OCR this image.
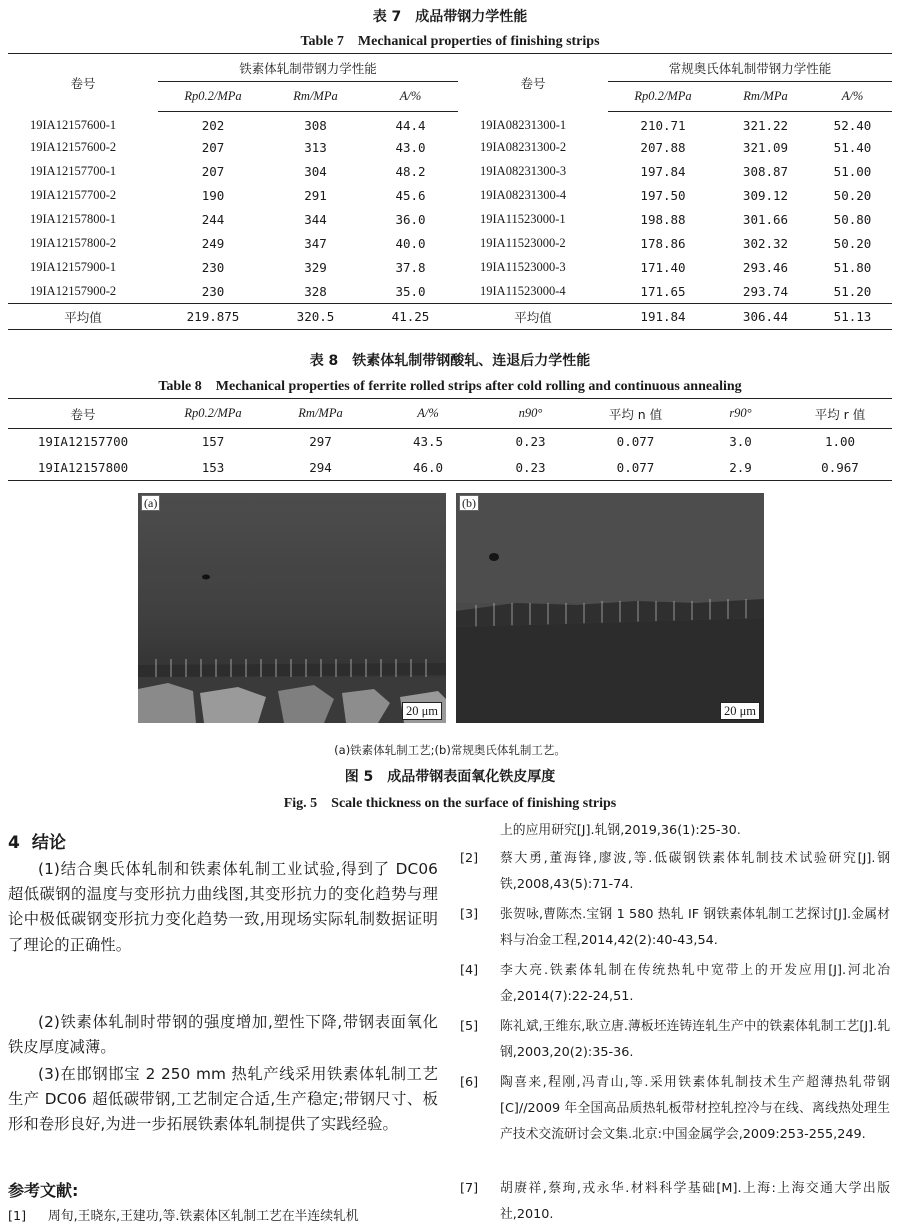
表 7　成品带钢力学性能
Table 7　Mechanical properties of finishing strips
卷号	铁素体轧制带钢力学性能			卷号	常规奥氏体轧制带钢力学性能		
	Rp0.2/MPa	Rm/MPa	A/%		Rp0.2/MPa	Rm/MPa	A/%
19IA12157600-1	202	308	44.4	19IA08231300-1	210.71	321.22	52.40
19IA12157600-2	207	313	43.0	19IA08231300-2	207.88	321.09	51.40
19IA12157700-1	207	304	48.2	19IA08231300-3	197.84	308.87	51.00
19IA12157700-2	190	291	45.6	19IA08231300-4	197.50	309.12	50.20
19IA12157800-1	244	344	36.0	19IA11523000-1	198.88	301.66	50.80
19IA12157800-2	249	347	40.0	19IA11523000-2	178.86	302.32	50.20
19IA12157900-1	230	329	37.8	19IA11523000-3	171.40	293.46	51.80
19IA12157900-2	230	328	35.0	19IA11523000-4	171.65	293.74	51.20
平均值	219.875	320.5	41.25	平均值	191.84	306.44	51.13
表 8　铁素体轧制带钢酸轧、连退后力学性能
Table 8　Mechanical properties of ferrite rolled strips after cold rolling and continuous annealing
卷号	Rp0.2/MPa	Rm/MPa	A/%	n90°	平均 n 值	r90°	平均 r 值
19IA12157700	157	297	43.5	0.23	0.077	3.0	1.00
19IA12157800	153	294	46.0	0.23	0.077	2.9	0.967
(a)
20 μm
(b)
20 μm
(a)铁素体轧制工艺;(b)常规奥氏体轧制工艺。
图 5　成品带钢表面氧化铁皮厚度
Fig. 5　Scale thickness on the surface of finishing strips
4 结论
(1)结合奥氏体轧制和铁素体轧制工业试验,得到了 DC06 超低碳钢的温度与变形抗力曲线图,其变形抗力的变化趋势与理论中极低碳钢变形抗力变化趋势一致,用现场实际轧制数据证明了理论的正确性。
(2)铁素体轧制时带钢的强度增加,塑性下降,带钢表面氧化铁皮厚度减薄。
(3)在邯钢邯宝 2 250 mm 热轧产线采用铁素体轧制工艺生产 DC06 超低碳带钢,工艺制定合适,生产稳定;带钢尺寸、板形和卷形良好,为进一步拓展铁素体轧制提供了实践经验。
参考文献:
[1] 周旬,王晓东,王建功,等.铁素体区轧制工艺在半连续轧机
上的应用研究[J].轧钢,2019,36(1):25-30.
[2] 蔡大勇,董海锋,廖波,等.低碳钢铁素体轧制技术试验研究[J].钢铁,2008,43(5):71-74.
[3] 张贺咏,曹陈杰.宝钢 1 580 热轧 IF 钢铁素体轧制工艺探讨[J].金属材料与冶金工程,2014,42(2):40-43,54.
[4] 李大亮.铁素体轧制在传统热轧中宽带上的开发应用[J].河北冶金,2014(7):22-24,51.
[5] 陈礼斌,王维东,耿立唐.薄板坯连铸连轧生产中的铁素体轧制工艺[J].轧钢,2003,20(2):35-36.
[6] 陶喜来,程刚,冯青山,等.采用铁素体轧制技术生产超薄热轧带钢[C]//2009 年全国高品质热轧板带材控轧控冷与在线、离线热处理生产技术交流研讨会文集.北京:中国金属学会,2009:253-255,249.
[7] 胡赓祥,蔡珣,戎永华.材料科学基础[M].上海:上海交通大学出版社,2010.
